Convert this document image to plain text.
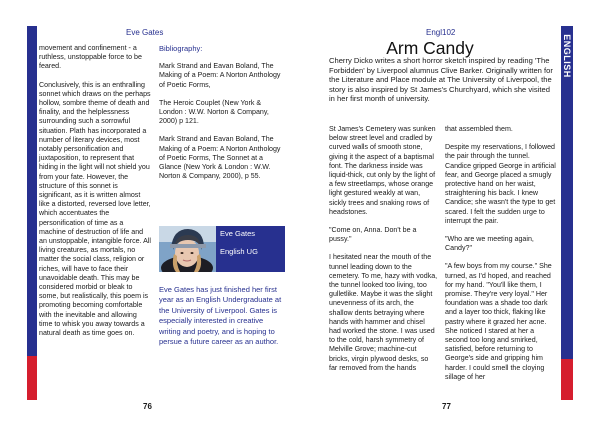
ENGLISH
Eve Gates	Engl102

movement and confinement - a ruthless, unstoppable force to be feared.

Conclusively, this is an enthralling sonnet which draws on the perhaps hollow, sombre theme of death and finality, and the helplessness surrounding such a sorrowful situation. Plath has incorporated a number of literary devices, most notably personification and juxtaposition, to represent that hiding in the light will not shield you from your fate. However, the structure of this sonnet is significant, as it is written almost like a distorted, reversed love letter, which accentuates the personification of time as a machine of destruction of life and an unstoppable, intangible force. All living creatures, as mortals, no matter the social class, religion or riches, will have to face their unavoidable death. This may be considered morbid or bleak to some, but realistically, this poem is promoting becoming comfortable with the inevitable and allowing time to whisk you away towards a natural death as time goes on.

Bibliography:

Mark Strand and Eavan Boland, The Making of a Poem: A Norton Anthology of Poetic Forms,

The Heroic Couplet (New York & London : W.W. Norton & Company, 2000) p 121.

Mark Strand and Eavan Boland, The Making of a Poem: A Norton Anthology of Poetic Forms, The Sonnet at a Glance (New York & London : W.W. Norton & Company, 2000), p 55.

Eve Gates
English UG
Eve Gates has just finished her first year as an English Undergraduate at the University of Liverpool. Gates is especially interested in creative writing and poetry, and is hoping to persue a future career as an author.
76
Arm Candy
Cherry Dicko writes a short horror sketch inspired by reading 'The Forbidden' by Liverpool alumnus Clive Barker. Originally written for the Literature and Place module at The University of Liverpool, the story is also inspired by St James's Churchyard, which she visited in her first month of university.

St James's Cemetery was sunken below street level and cradled by curved walls of smooth stone, giving it the aspect of a baptismal font. The darkness inside was liquid-thick, cut only by the light of a few streetlamps, whose orange light gestured weakly at wan, sickly trees and snaking rows of headstones.

"Come on, Anna. Don't be a pussy."

I hesitated near the mouth of the tunnel leading down to the cemetery. To me, hazy with vodka, the tunnel looked too living, too gulletlike. Maybe it was the slight unevenness of its arch, the shallow dents betraying where hands with hammer and chisel had worked the stone. I was used to the cold, harsh symmetry of Melville Grove; machine-cut bricks, virgin plywood desks, so far removed from the hands

that assembled them.

Despite my reservations, I followed the pair through the tunnel. Candice gripped George in artificial fear, and George placed a smugly protective hand on her waist, straightening his back. I knew Candice; she wasn't the type to get scared. I felt the sudden urge to interrupt the pair.

"Who are we meeting again, Candy?"

"A few boys from my course." She turned, as I'd hoped, and reached for my hand. "You'll like them, I promise. They're very loyal." Her foundation was a shade too dark and a layer too thick, flaking like pastry where it grazed her acne. She noticed I stared at her a second too long and smirked, satisfied, before returning to George's side and gripping him harder. I could smell the cloying sillage of her

77
